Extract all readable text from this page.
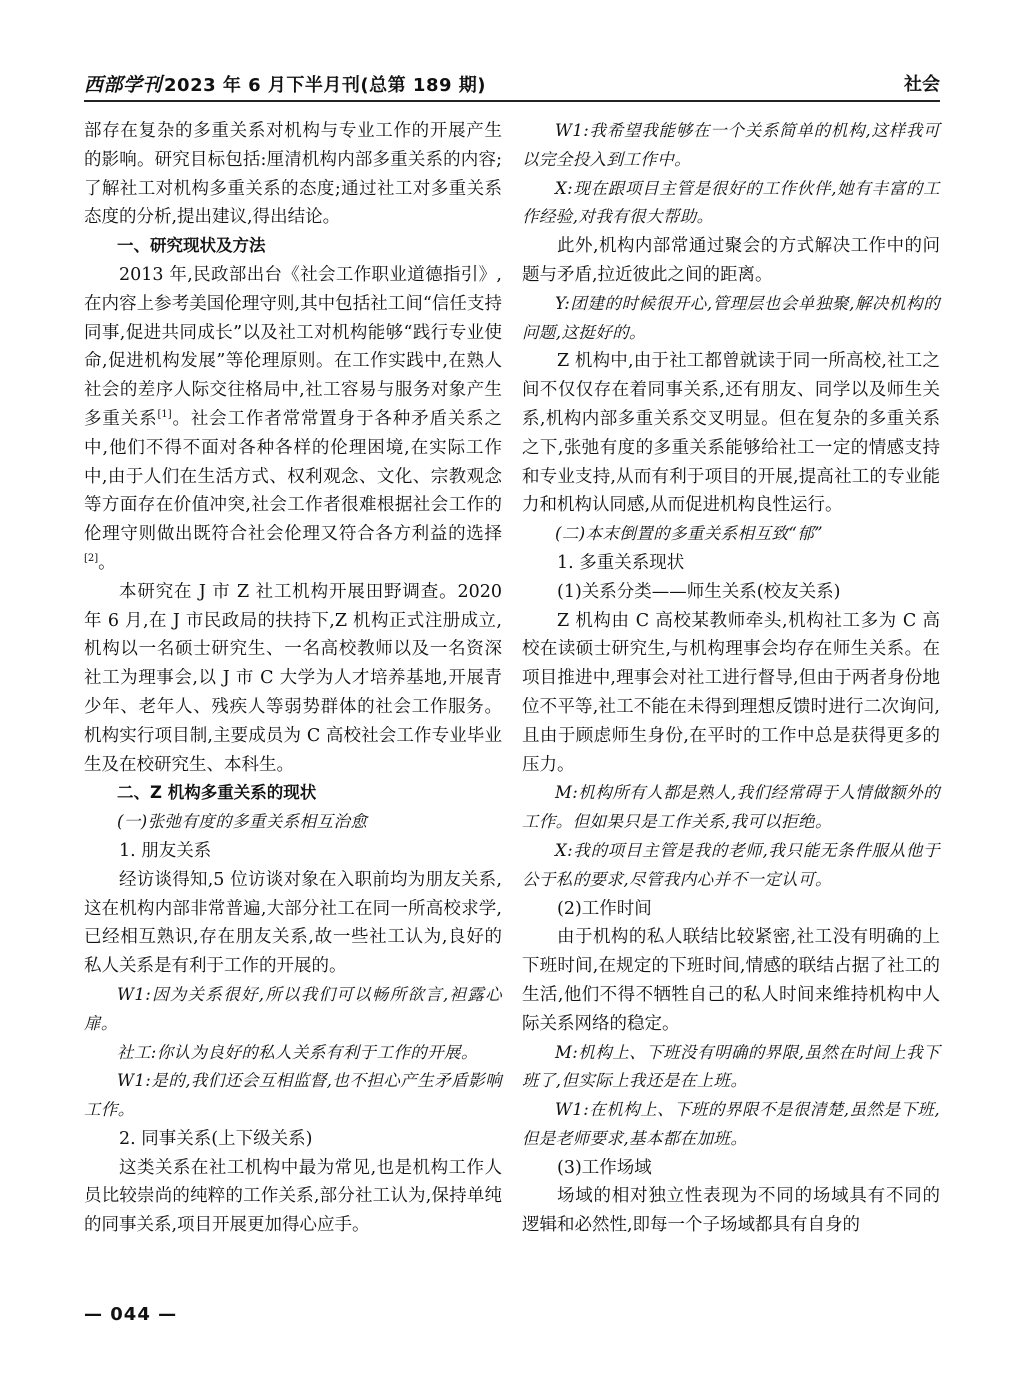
西部学刊 2023 年 6 月下半月刊(总第 189 期)	社会

部存在复杂的多重关系对机构与专业工作的开展产生的影响。研究目标包括:厘清机构内部多重关系的内容;了解社工对机构多重关系的态度;通过社工对多重关系态度的分析,提出建议,得出结论。

一、研究现状及方法

2013 年,民政部出台《社会工作职业道德指引》,在内容上参考美国伦理守则,其中包括社工间“信任支持同事,促进共同成长”以及社工对机构能够“践行专业使命,促进机构发展”等伦理原则。在工作实践中,在熟人社会的差序人际交往格局中,社工容易与服务对象产生多重关系[1]。社会工作者常常置身于各种矛盾关系之中,他们不得不面对各种各样的伦理困境,在实际工作中,由于人们在生活方式、权利观念、文化、宗教观念等方面存在价值冲突,社会工作者很难根据社会工作的伦理守则做出既符合社会伦理又符合各方利益的选择[2]。

本研究在 J 市 Z 社工机构开展田野调查。2020 年 6 月,在 J 市民政局的扶持下,Z 机构正式注册成立,机构以一名硕士研究生、一名高校教师以及一名资深社工为理事会,以 J 市 C 大学为人才培养基地,开展青少年、老年人、残疾人等弱势群体的社会工作服务。机构实行项目制,主要成员为 C 高校社会工作专业毕业生及在校研究生、本科生。

二、Z 机构多重关系的现状

(一)张弛有度的多重关系相互治愈

1. 朋友关系

经访谈得知,5 位访谈对象在入职前均为朋友关系,这在机构内部非常普遍,大部分社工在同一所高校求学,已经相互熟识,存在朋友关系,故一些社工认为,良好的私人关系是有利于工作的开展的。

W1:因为关系很好,所以我们可以畅所欲言,袒露心扉。

社工:你认为良好的私人关系有利于工作的开展。

W1:是的,我们还会互相监督,也不担心产生矛盾影响工作。

2. 同事关系(上下级关系)

这类关系在社工机构中最为常见,也是机构工作人员比较崇尚的纯粹的工作关系,部分社工认为,保持单纯的同事关系,项目开展更加得心应手。

W1:我希望我能够在一个关系简单的机构,这样我可以完全投入到工作中。

X:现在跟项目主管是很好的工作伙伴,她有丰富的工作经验,对我有很大帮助。

此外,机构内部常通过聚会的方式解决工作中的问题与矛盾,拉近彼此之间的距离。

Y:团建的时候很开心,管理层也会单独聚,解决机构的问题,这挺好的。

Z 机构中,由于社工都曾就读于同一所高校,社工之间不仅仅存在着同事关系,还有朋友、同学以及师生关系,机构内部多重关系交叉明显。但在复杂的多重关系之下,张弛有度的多重关系能够给社工一定的情感支持和专业支持,从而有利于项目的开展,提高社工的专业能力和机构认同感,从而促进机构良性运行。

(二)本末倒置的多重关系相互致“郁”

1. 多重关系现状

(1)关系分类——师生关系(校友关系)

Z 机构由 C 高校某教师牵头,机构社工多为 C 高校在读硕士研究生,与机构理事会均存在师生关系。在项目推进中,理事会对社工进行督导,但由于两者身份地位不平等,社工不能在未得到理想反馈时进行二次询问,且由于顾虑师生身份,在平时的工作中总是获得更多的压力。

M:机构所有人都是熟人,我们经常碍于人情做额外的工作。但如果只是工作关系,我可以拒绝。

X:我的项目主管是我的老师,我只能无条件服从他于公于私的要求,尽管我内心并不一定认可。

(2)工作时间

由于机构的私人联结比较紧密,社工没有明确的上下班时间,在规定的下班时间,情感的联结占据了社工的生活,他们不得不牺牲自己的私人时间来维持机构中人际关系网络的稳定。

M:机构上、下班没有明确的界限,虽然在时间上我下班了,但实际上我还是在上班。

W1:在机构上、下班的界限不是很清楚,虽然是下班,但是老师要求,基本都在加班。

(3)工作场域

场域的相对独立性表现为不同的场域具有不同的逻辑和必然性,即每一个子场域都具有自身的

— 044 —
